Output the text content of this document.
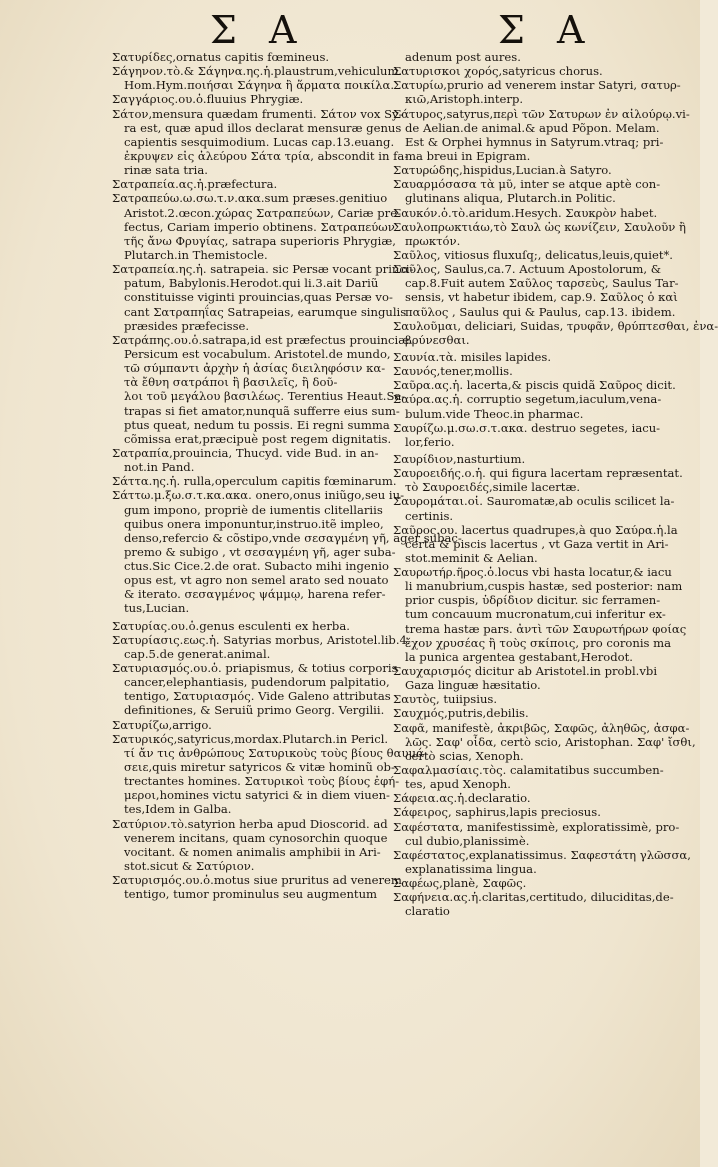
Σ Α	Σ Α
Σατυρίδες,ornatus capitis fœmineus.
Σάγηνον.τὸ.& Σάγηνα.ης.ἡ.plaustrum,vehiculum.
Hom.Hym.ποιήσαι Σάγηνα ἢ ἅρματα ποικίλα.
Σαγγάριος.ου.ὁ.fluuius Phrygiæ.
Σάτον,mensura quædam frumenti. Σάτον vox Sy-
ra est, quæ apud illos declarat mensuræ genus
capientis sesquimodium. Lucas cap.13.euang.
ἐκρυψεν εἰς ἀλεύρου Σάτα τρία, abscondit in fa-
rinæ sata tria.
Σατραπεία.ας.ἡ.præfectura.
Σατραπεύω.ω.σω.τ.ν.ακα.sum præses.genitiuo
Aristot.2.œcon.χώρας Σατραπεύων, Cariæ pre-
fectus, Cariam imperio obtinens. Σατραπεύων
τῆς ἄνω Φρυγίας, satrapa superioris Phrygiæ,
Plutarch.in Themistocle.
Σατραπεία.ης.ἡ. satrapeia. sic Persæ vocant princi-
patum, Babylonis.Herodot.qui li.3.ait Dariũ
constituisse viginti prouincias,quas Persæ vo-
cant Σατραπηΐας Satrapeias, earumque singulis
præsides præfecisse.
Σατράπης.ου.ὁ.satrapa,id est præfectus prouinciæ.
Persicum est vocabulum. Aristotel.de mundo,
τῶ σύμπαντι ἀρχὴν ἡ ἀσίας διειληφόσιν κα-
τὰ ἔθνη σατράποι ἢ βασιλεῖς, ἢ δοῦ-
λοι τοῦ μεγάλου βασιλέως. Terentius Heaut.Sa-
trapas si fiet amator,nunquã sufferre eius sum-
ptus queat, nedum tu possis. Ei regni summa
cõmissa erat,præcipuè post regem dignitatis.
Σατραπία,prouincia, Thucyd. vide Bud. in an-
not.in Pand.
Σάττα.ης.ἡ. rulla,operculum capitis fœminarum.
Σάττω.μ.ξω.σ.τ.κα.ακα. onero,onus iniũgo,seu iu-
gum impono, propriè de iumentis clitellariis
quibus onera imponuntur,instruo.itẽ impleo,
denso,refercio & cõstipo,vnde σεσαγμένη γῆ, ager subac-
premo & subigo , vt σεσαγμένη γῆ, ager suba-
ctus.Sic Cice.2.de orat. Subacto mihi ingenio
opus est, vt agro non semel arato sed nouato
& iterato. σεσαγμένος ψάμμῳ, harena refer-
tus,Lucian.
Σατυρίας.ου.ὁ.genus esculenti ex herba.
Σατυρίασις.εως.ἡ. Satyrias morbus, Aristotel.lib.4.
cap.5.de generat.animal.
Σατυριασμός.ου.ὁ. priapismus, & totius corporis
cancer,elephantiasis, pudendorum palpitatio,
tentigo, Σατυριασμός. Vide Galeno attributas
definitiones, & Seruiũ primo Georg. Vergilii.
Σατυρίζω,arrigo.
Σατυρικός,satyricus,mordax.Plutarch.in Pericl.
τί ἄν τις ἀνθρώπους Σατυρικοὺς τοὺς βίους θαυμά-
σειε,quis miretur satyricos & vitæ hominũ ob-
trectantes homines. Σατυρικοὶ τοὺς βίους ἐφή-
μεροι,homines victu satyrici & in diem viuen-
tes,Idem in Galba.
Σατύριον.τὸ.satyrion herba apud Dioscorid. ad
venerem incitans, quam cynosorchin quoque
vocitant. & nomen animalis amphibii in Ari-
stot.sicut & Σατύριον.
Σατυρισμός.ου.ὁ.motus siue pruritus ad venerem
tentigo, tumor prominulus seu augmentum
adenum post aures.
Σατυρισκοι χορός,satyricus chorus.
Σατυρίω,prurio ad venerem instar Satyri, σατυρ-
κιῶ,Aristoph.interp.
Σάτυρος,satyrus,περὶ τῶν Σατυρων ἐν αἰλούρῳ.vi-
de Aelian.de animal.& apud Põpon. Melam.
Est & Orphei hymnus in Satyrum.vtraq; pri-
ma breui in Epigram.
Σατυρώδης,hispidus,Lucian.à Satyro.
Σαυαρμόσασα τὰ μῦ, inter se atque aptè con-
glutinans aliqua, Plutarch.in Politic.
Σαυκόν.ὁ.τὸ.aridum.Hesych. Σαυκρὸν habet.
Σαυλοπρωκτιάω,τὸ Σαυλ ὡς κωνίζειν, Σαυλοῦν ἢ
πρωκτόν.
Σαῦλος, vitiosus fluxuſq;, delicatus,leuis,quiet*.
Σαῦλος, Saulus,ca.7. Actuum Apostolorum, &
cap.8.Fuit autem Σαῦλος ταρσεὺς, Saulus Tar-
sensis, vt habetur ibidem, cap.9. Σαῦλος ὁ καὶ
παῦλος , Saulus qui & Paulus, cap.13. ibidem.
Σαυλοῦμαι, deliciari, Suidas, τρυφᾶν, θρύπτεσθαι, ἐνα-
βρύνεσθαι.
Σαυνία.τὰ. misiles lapides.
Σαυνός,tener,mollis.
Σαῦρα.ας.ἡ. lacerta,& piscis quidã Σαῦρος dicit.
Σαύρα.ας.ἡ. corruptio segetum,iaculum,vena-
bulum.vide Theoc.in pharmac.
Σαυρίζω.μ.σω.σ.τ.ακα. destruo segetes, iacu-
lor,ferio.
Σαυρίδιον,nasturtium.
Σαυροειδής.ο.ἡ. qui figura lacertam repræsentat.
τὸ Σαυροειδές,simile lacertæ.
Σαυρομάται.οἱ. Sauromatæ,ab oculis scilicet la-
certinis.
Σαῦρος.ου. lacertus quadrupes,à quo Σαύρα.ἡ.la
certa & piscis lacertus , vt Gaza vertit in Ari-
stot.meminit & Aelian.
Σαυρωτήρ.ῆρος.ὁ.locus vbi hasta locatur,& iacu
li manubrium,cuspis hastæ, sed posterior: nam
prior cuspis, ὑδρίδιον dicitur. sic ferramen-
tum concauum mucronatum,cui inferitur ex-
trema hastæ pars. ἀντὶ τῶν Σαυρωτήρων φοίας
ἔχον χρυσέας ἢ τοὺς σκίποις, pro coronis ma
la punica argentea gestabant,Herodot.
Σαυχαρισμός dicitur ab Aristotel.in probl.vbi
Gaza linguæ hæsitatio.
Σαυτὸς, tuiipsius.
Σαυχμός,putris,debilis.
Σαφᾶ, manifestè, ἀκριβῶς, Σαφῶς, ἀληθῶς, ἀσφα-
λῶς. Σαφ' οἶδα, certò scio, Aristophan. Σαφ' ἴσθι,
certò scias, Xenoph.
Σαφαλμασίαις.τὸς. calamitatibus succumben-
tes, apud Xenoph.
Σάφεια.ας.ἡ.declaratio.
Σάφειρος, saphirus,lapis preciosus.
Σαφέστατα, manifestissimè, exploratissimè, pro-
cul dubio,planissimè.
Σαφέστατος,explanatissimus. Σαφεστάτη γλῶσσα,
explanatissima lingua.
Σαφέως,planè, Σαφῶς.
Σαφήνεια.ας.ἡ.claritas,certitudo, diluciditas,de-
claratio
